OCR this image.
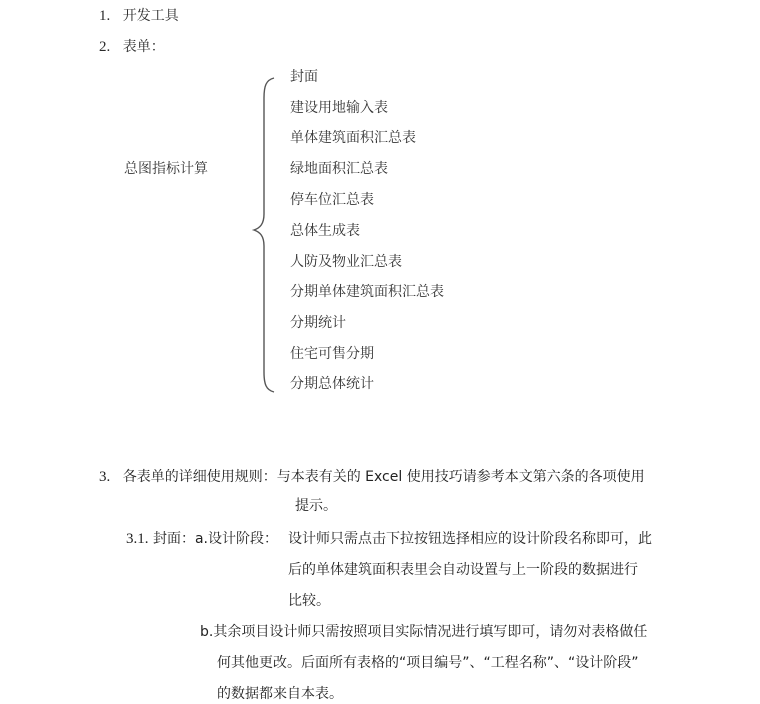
1. 开发工具
2. 表单：
总图指标计算
封面
建设用地输入表
单体建筑面积汇总表
绿地面积汇总表
停车位汇总表
总体生成表
人防及物业汇总表
分期单体建筑面积汇总表
分期统计
住宅可售分期
分期总体统计
3. 各表单的详细使用规则：与本表有关的 Excel 使用技巧请参考本文第六条的各项使用
提示。
3.1. 封面：a.设计阶段： 设计师只需点击下拉按钮选择相应的设计阶段名称即可，此
后的单体建筑面积表里会自动设置与上一阶段的数据进行
比较。
b.其余项目设计师只需按照项目实际情况进行填写即可，请勿对表格做任
何其他更改。后面所有表格的“项目编号”、“工程名称”、“设计阶段”
的数据都来自本表。
